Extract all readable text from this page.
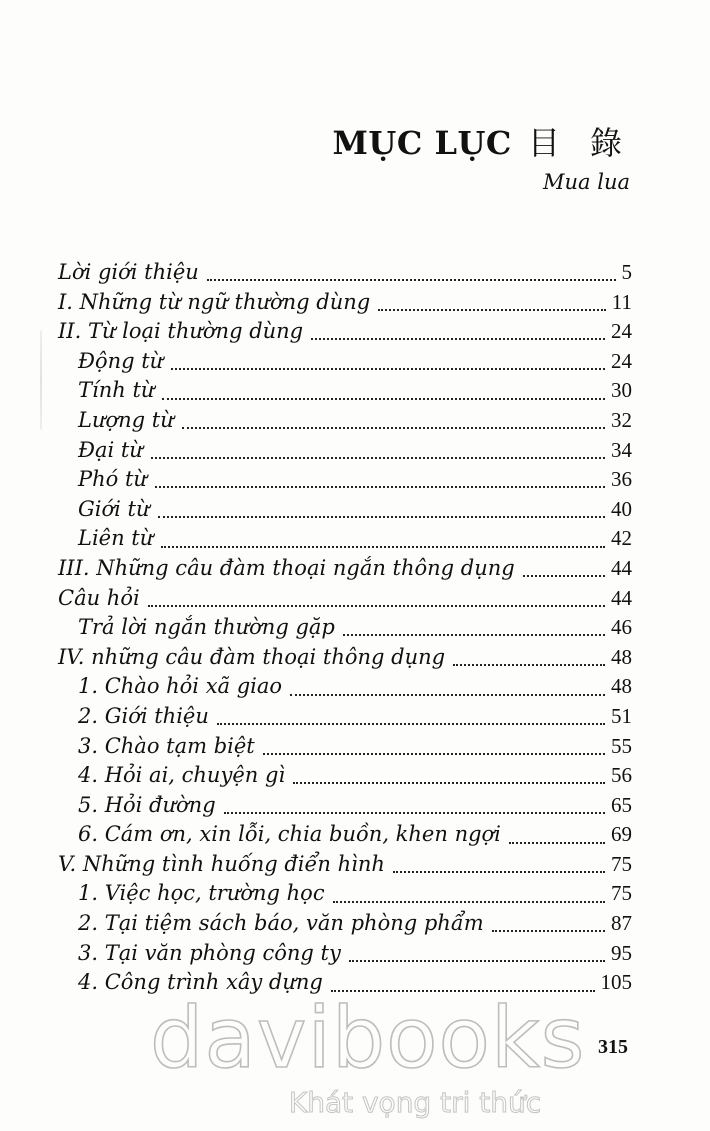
MỤC LỤC 目 錄
Mua lua
Lời giới thiệu	5
I. Những từ ngữ thường dùng	11
II. Từ loại thường dùng	24
Động từ	24
Tính từ	30
Lượng từ	32
Đại từ	34
Phó từ	36
Giới từ	40
Liên từ	42
III. Những câu đàm thoại ngắn thông dụng	44
Câu hỏi	44
Trả lời ngắn thường gặp	46
IV. những câu đàm thoại thông dụng	48
1. Chào hỏi xã giao	48
2. Giới thiệu	51
3. Chào tạm biệt	55
4. Hỏi ai, chuyện gì	56
5. Hỏi đường	65
6. Cám ơn, xin lỗi, chia buồn, khen ngợi	69
V. Những tình huống điển hình	75
1. Việc học, trường học	75
2. Tại tiệm sách báo, văn phòng phẩm	87
3. Tại văn phòng công ty	95
4. Công trình xây dựng	105
davibooks
Khát vọng tri thức
315
